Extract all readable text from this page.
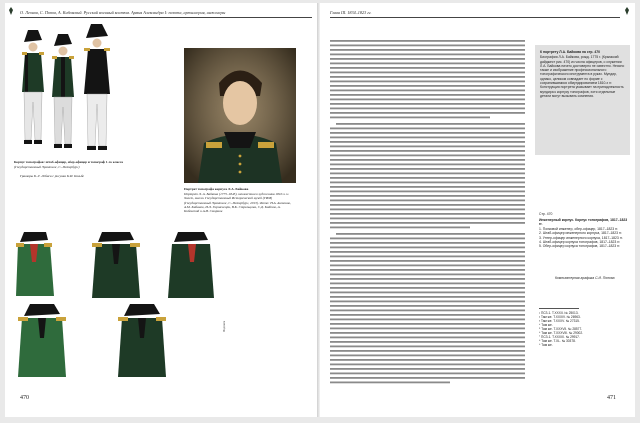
О. Леонов, С. Попов, А. Кибовский. Русский военный костюм. Армия Александра I: пехота, артиллерия, инженеры
Корпус топографов: штаб-офицер, обер-офицер и топограф 1-го класса
(Государственный Эрмитаж, С.-Петербург)
Портрет топографа корпуса Л.А. Байкова
Портрет Л. А. Байкова (1775–1843), неизвестного художника 1810-х гг. Холст, масло. Государственный Исторический музей (ГИМ) (Государственный Эрмитаж, С.-Петербург, 2013). Фото: Н.А. Антонов, А.М. Кабанов, И.Л. Гиршенгорн, В.К. Стрельцова, С.Д. Кайтов, А. Кибовский и А.И. Смирнов
Гравюры Б.-Т. Лебаса с рисунка К.И. Кольбе
Подписи
470
Глава III. 1834–1823 гг.
К портрету Л.А. Байкова на стр. 470
Биография Л.А. Байкова, рожд. 1775 г. (Крымский дайджест рис. 470) из числа офицеров, о служении Л.А. Байкова ничего достоверно не известно. Неясно также и изображение профессионального топографического инструмента в руках. Мундир, однако, целиком совпадает по форме с сохранившимися обмундированием 1810-х гг. Конструкция портрета указывает на принадлежность мундира к корпусу топографов, хотя отдельные детали могут вызывать сомнения.
Стр. 470
Инженерный корпус. Корпус топографов, 1817–1823 гг.
1. Полковой инженер, обер-офицер, 1817–1823 гг.
2. Штаб-офицер инженерного корпуса, 1817–1823 гг.
3. Унтер-офицер инженерного корпуса, 1817–1823 гг.
4. Штаб-офицер корпуса топографов, 1817–1823 гг.
5. Обер-офицер корпуса топографов, 1817–1823 гг.
Компьютерная графика С.И. Попова
¹ ПСЗ-1. Т.XXXII. № 25013.
² Там же. Т.XXXIV. № 26963.
³ Там же. Т.XXXV. № 27315.
⁴ Там же.
⁵ Там же. Т.XXXVII. № 28577.
⁶ Там же. Т.XXXVIII. № 29002.
⁷ ПСЗ-1. Т.XXXIX. № 29917.
⁸ Там же. Т.XL. № 30378.
⁹ Там же.
471
